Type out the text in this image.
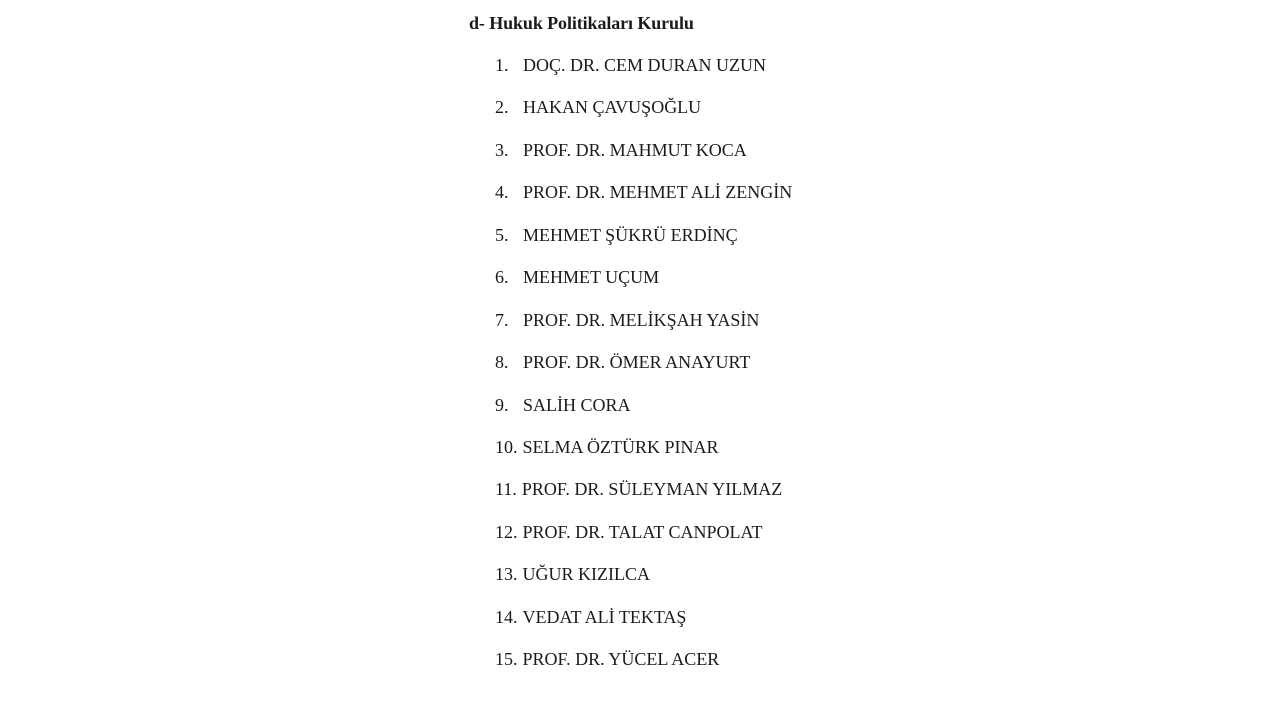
d- Hukuk Politikaları Kurulu
1. DOÇ. DR. CEM DURAN UZUN
2. HAKAN ÇAVUŞOĞLU
3. PROF. DR. MAHMUT KOCA
4. PROF. DR. MEHMET ALİ ZENGİN
5. MEHMET ŞÜKRÜ ERDİNÇ
6. MEHMET UÇUM
7. PROF. DR. MELİKŞAH YASİN
8. PROF. DR. ÖMER ANAYURT
9. SALİH CORA
10. SELMA ÖZTÜRK PINAR
11. PROF. DR. SÜLEYMAN YILMAZ
12. PROF. DR. TALAT CANPOLAT
13. UĞUR KIZILCA
14. VEDAT ALİ TEKTAŞ
15. PROF. DR. YÜCEL ACER
